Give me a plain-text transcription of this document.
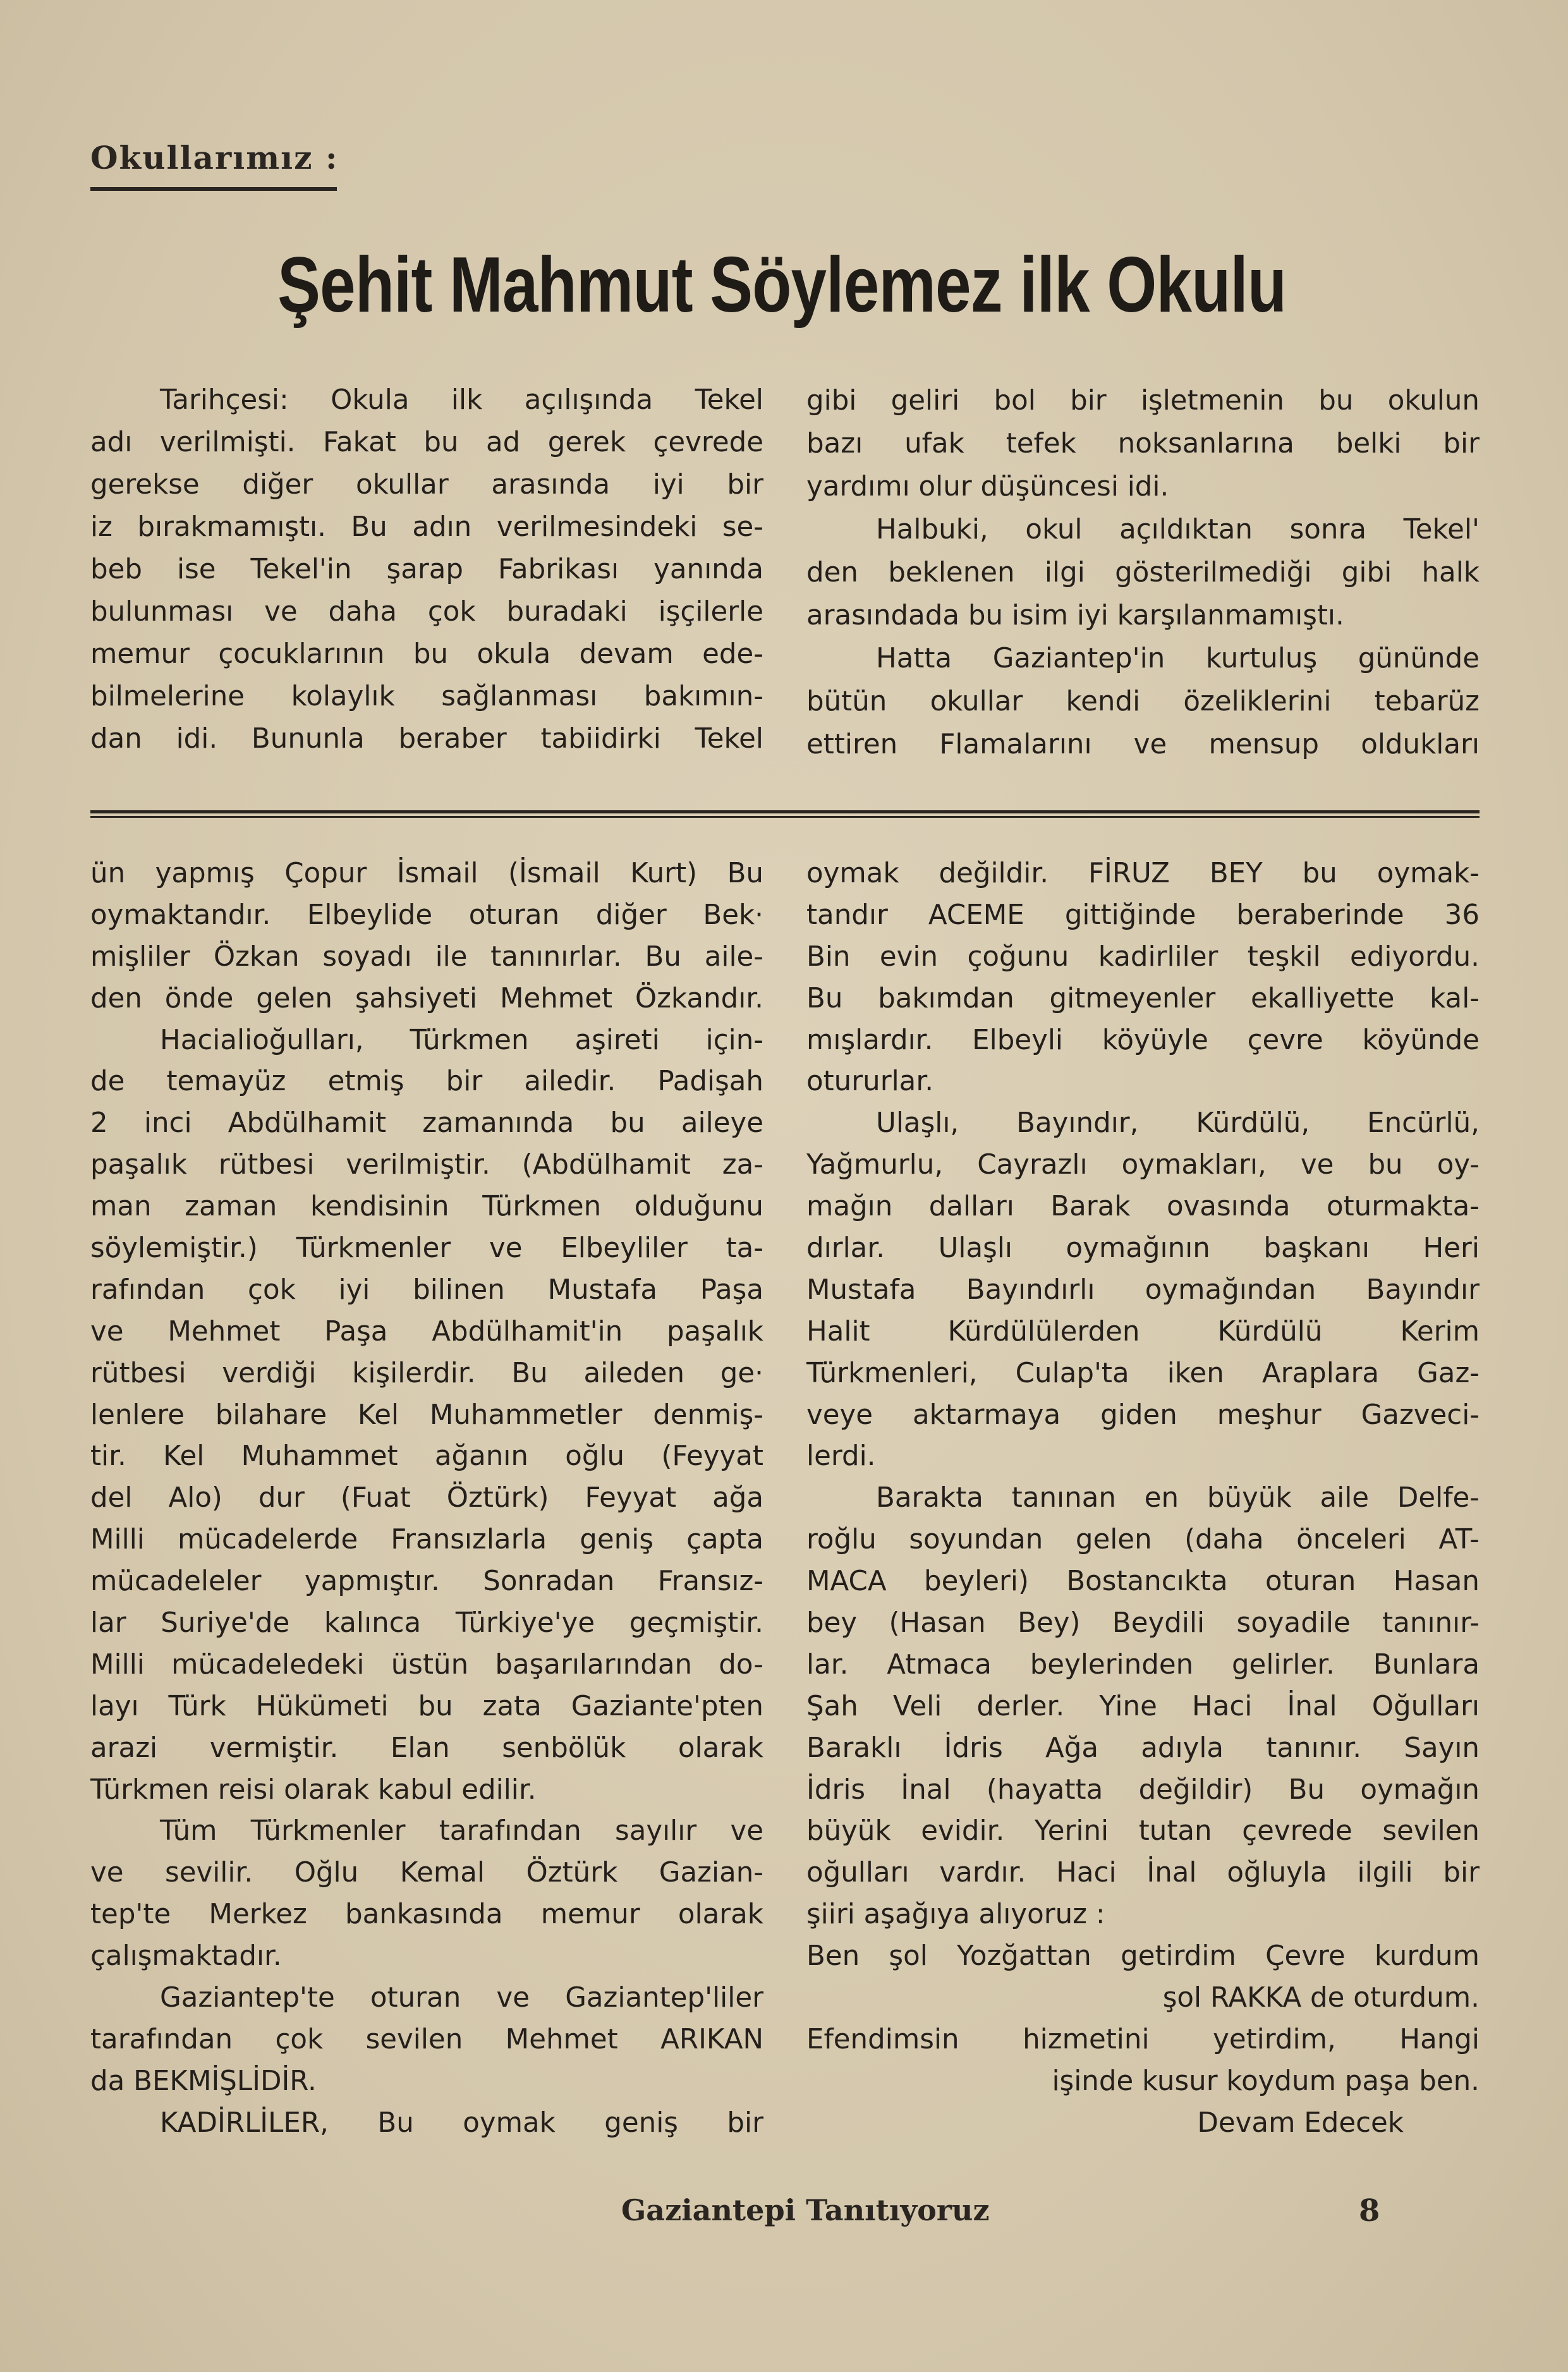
Okullarımız :
Şehit Mahmut Söylemez ilk Okulu
Tarihçesi: Okula ilk açılışında Tekel
adı verilmişti. Fakat bu ad gerek çevrede
gerekse diğer okullar arasında iyi bir
iz bırakmamıştı. Bu adın verilmesindeki se-
beb ise Tekel'in şarap Fabrikası yanında
bulunması ve daha çok buradaki işçilerle
memur çocuklarının bu okula devam ede-
bilmelerine kolaylık sağlanması bakımın-
dan idi. Bununla beraber tabiidirki Tekel
gibi geliri bol bir işletmenin bu okulun
bazı ufak tefek noksanlarına belki bir
yardımı olur düşüncesi idi.
Halbuki, okul açıldıktan sonra Tekel'
den beklenen ilgi gösterilmediği gibi halk
arasındada bu isim iyi karşılanmamıştı.
Hatta Gaziantep'in kurtuluş gününde
bütün okullar kendi özeliklerini tebarüz
ettiren Flamalarını ve mensup oldukları
ün yapmış Çopur İsmail (İsmail Kurt) Bu
oymaktandır. Elbeylide oturan diğer Bek·
mişliler Özkan soyadı ile tanınırlar. Bu aile-
den önde gelen şahsiyeti Mehmet Özkandır.
Hacialioğulları, Türkmen aşireti için-
de temayüz etmiş bir ailedir. Padişah
2 inci Abdülhamit zamanında bu aileye
paşalık rütbesi verilmiştir. (Abdülhamit za-
man zaman kendisinin Türkmen olduğunu
söylemiştir.) Türkmenler ve Elbeyliler ta-
rafından çok iyi bilinen Mustafa Paşa
ve Mehmet Paşa Abdülhamit'in paşalık
rütbesi verdiği kişilerdir. Bu aileden ge·
lenlere bilahare Kel Muhammetler denmiş-
tir. Kel Muhammet ağanın oğlu (Feyyat
del Alo) dur (Fuat Öztürk) Feyyat ağa
Milli mücadelerde Fransızlarla geniş çapta
mücadeleler yapmıştır. Sonradan Fransız-
lar Suriye'de kalınca Türkiye'ye geçmiştir.
Milli mücadeledeki üstün başarılarından do-
layı Türk Hükümeti bu zata Gaziante'pten
arazi vermiştir. Elan senbölük olarak
Türkmen reisi olarak kabul edilir.
Tüm Türkmenler tarafından sayılır ve
ve sevilir. Oğlu Kemal Öztürk Gazian-
tep'te Merkez bankasında memur olarak
çalışmaktadır.
Gaziantep'te oturan ve Gaziantep'liler
tarafından çok sevilen Mehmet ARIKAN
da BEKMİŞLİDİR.
KADİRLİLER, Bu oymak geniş bir
oymak değildir. FİRUZ BEY bu oymak-
tandır ACEME gittiğinde beraberinde 36
Bin evin çoğunu kadirliler teşkil ediyordu.
Bu bakımdan gitmeyenler ekalliyette kal-
mışlardır. Elbeyli köyüyle çevre köyünde
otururlar.
Ulaşlı, Bayındır, Kürdülü, Encürlü,
Yağmurlu, Cayrazlı oymakları, ve bu oy-
mağın dalları Barak ovasında oturmakta-
dırlar. Ulaşlı oymağının başkanı Heri
Mustafa Bayındırlı oymağından Bayındır
Halit Kürdülülerden Kürdülü Kerim
Türkmenleri, Culap'ta iken Araplara Gaz-
veye aktarmaya giden meşhur Gazveci-
lerdi.
Barakta tanınan en büyük aile Delfe-
roğlu soyundan gelen (daha önceleri AT-
MACA beyleri) Bostancıkta oturan Hasan
bey (Hasan Bey) Beydili soyadile tanınır-
lar. Atmaca beylerinden gelirler. Bunlara
Şah Veli derler. Yine Haci İnal Oğulları
Baraklı İdris Ağa adıyla tanınır. Sayın
İdris İnal (hayatta değildir) Bu oymağın
büyük evidir. Yerini tutan çevrede sevilen
oğulları vardır. Haci İnal oğluyla ilgili bir
şiiri aşağıya alıyoruz :
Ben şol Yozğattan getirdim Çevre kurdum
şol RAKKA de oturdum.
Efendimsin hizmetini yetirdim, Hangi
işinde kusur koydum paşa ben.
Devam Edecek
Gaziantepi Tanıtıyoruz	8
